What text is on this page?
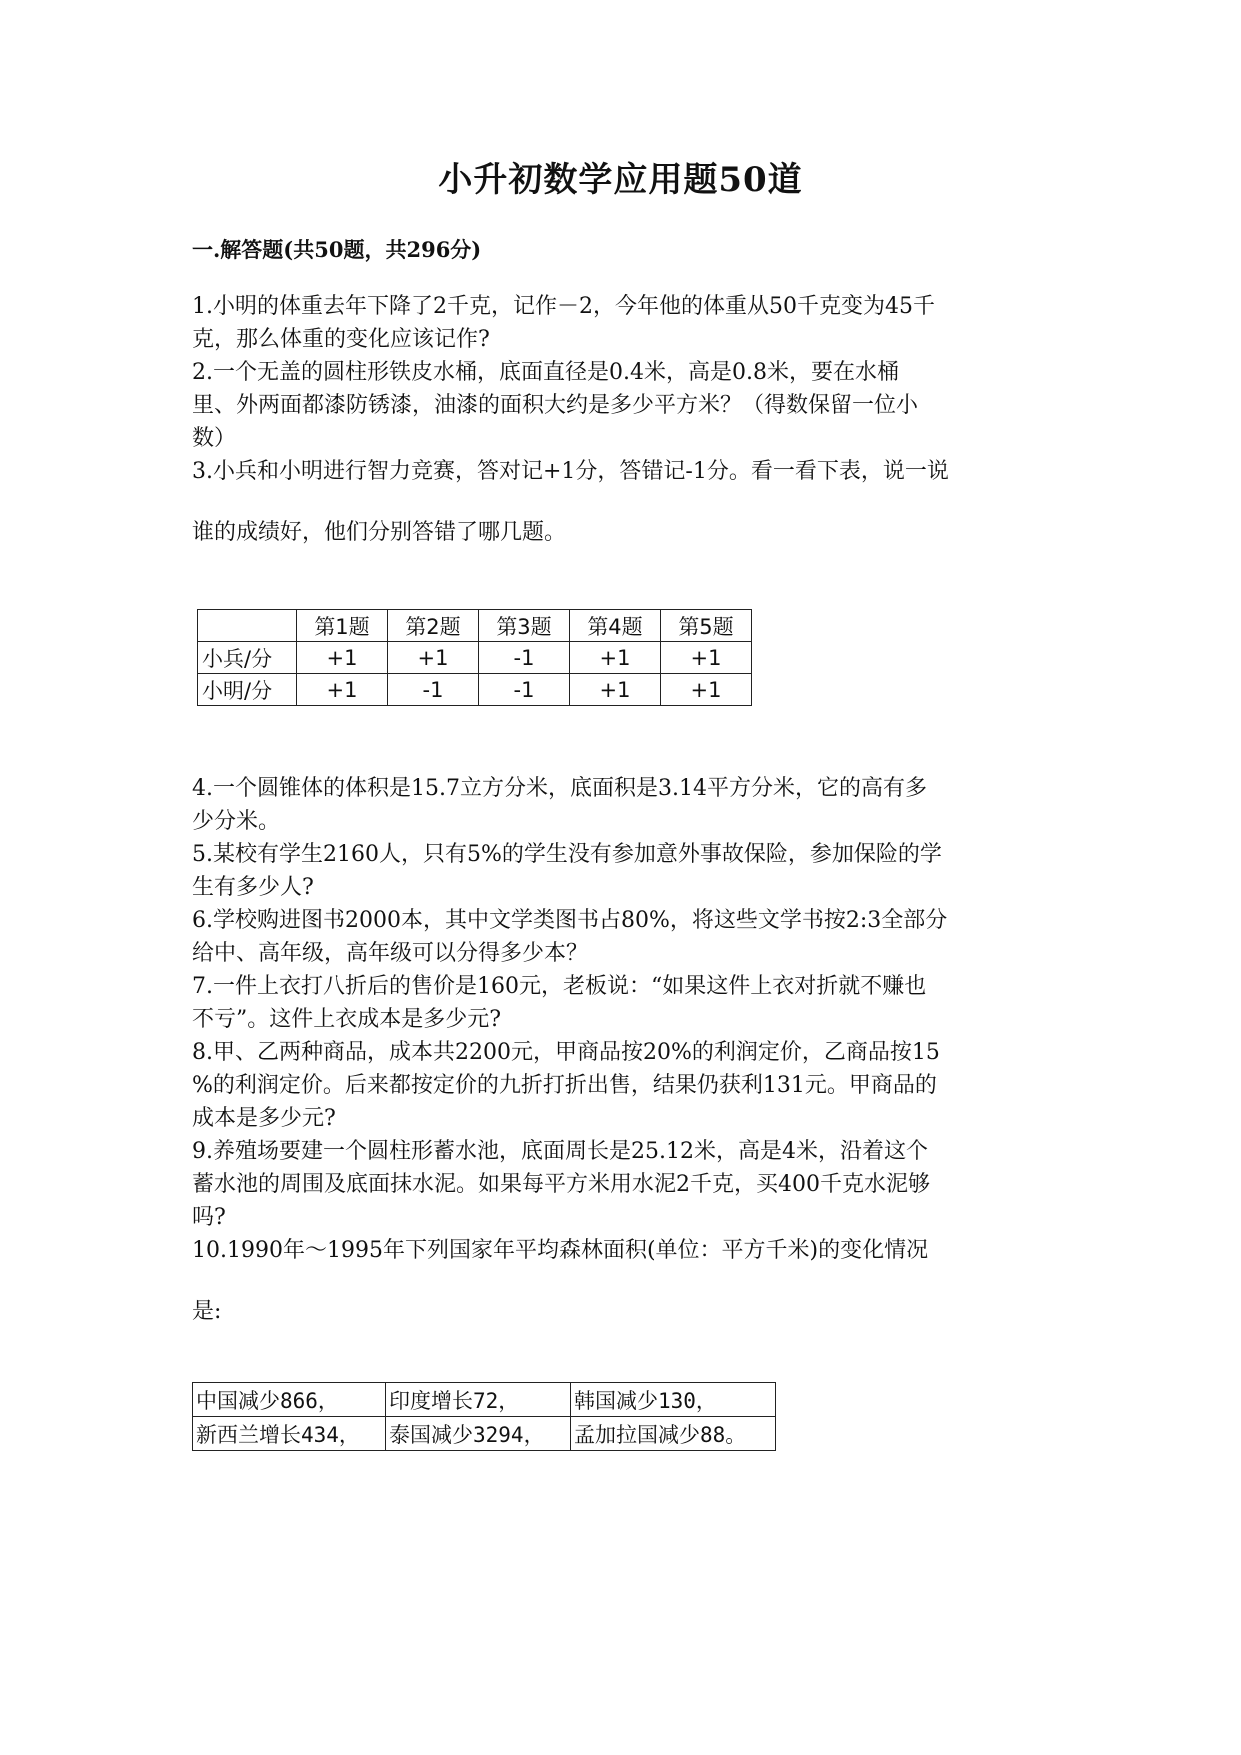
小升初数学应用题50道
一.解答题(共50题，共296分)

1.小明的体重去年下降了2千克，记作－2，今年他的体重从50千克变为45千
克，那么体重的变化应该记作?

2.一个无盖的圆柱形铁皮水桶，底面直径是0.4米，高是0.8米，要在水桶
里、外两面都漆防锈漆，油漆的面积大约是多少平方米？（得数保留一位小
数）

3.小兵和小明进行智力竞赛，答对记+1分，答错记-1分。看一看下表，说一说
谁的成绩好，他们分别答错了哪几题。

	第1题	第2题	第3题	第4题	第5题
小兵/分	+1	+1	-1	+1	+1
小明/分	+1	-1	-1	+1	+1

4.一个圆锥体的体积是15.7立方分米，底面积是3.14平方分米，它的高有多
少分米。

5.某校有学生2160人，只有5%的学生没有参加意外事故保险，参加保险的学
生有多少人?

6.学校购进图书2000本，其中文学类图书占80%，将这些文学书按2:3全部分
给中、高年级，高年级可以分得多少本？

7.一件上衣打八折后的售价是160元，老板说：“如果这件上衣对折就不赚也
不亏”。这件上衣成本是多少元?

8.甲、乙两种商品，成本共2200元，甲商品按20%的利润定价，乙商品按15
%的利润定价。后来都按定价的九折打折出售，结果仍获利131元。甲商品的
成本是多少元?

9.养殖场要建一个圆柱形蓄水池，底面周长是25.12米，高是4米，沿着这个
蓄水池的周围及底面抹水泥。如果每平方米用水泥2千克，买400千克水泥够
吗?

10.1990年～1995年下列国家年平均森林面积(单位：平方千米)的变化情况
是:

中国减少866，	印度增长72，	韩国减少130，
新西兰增长434，	泰国减少3294，	孟加拉国减少88。
